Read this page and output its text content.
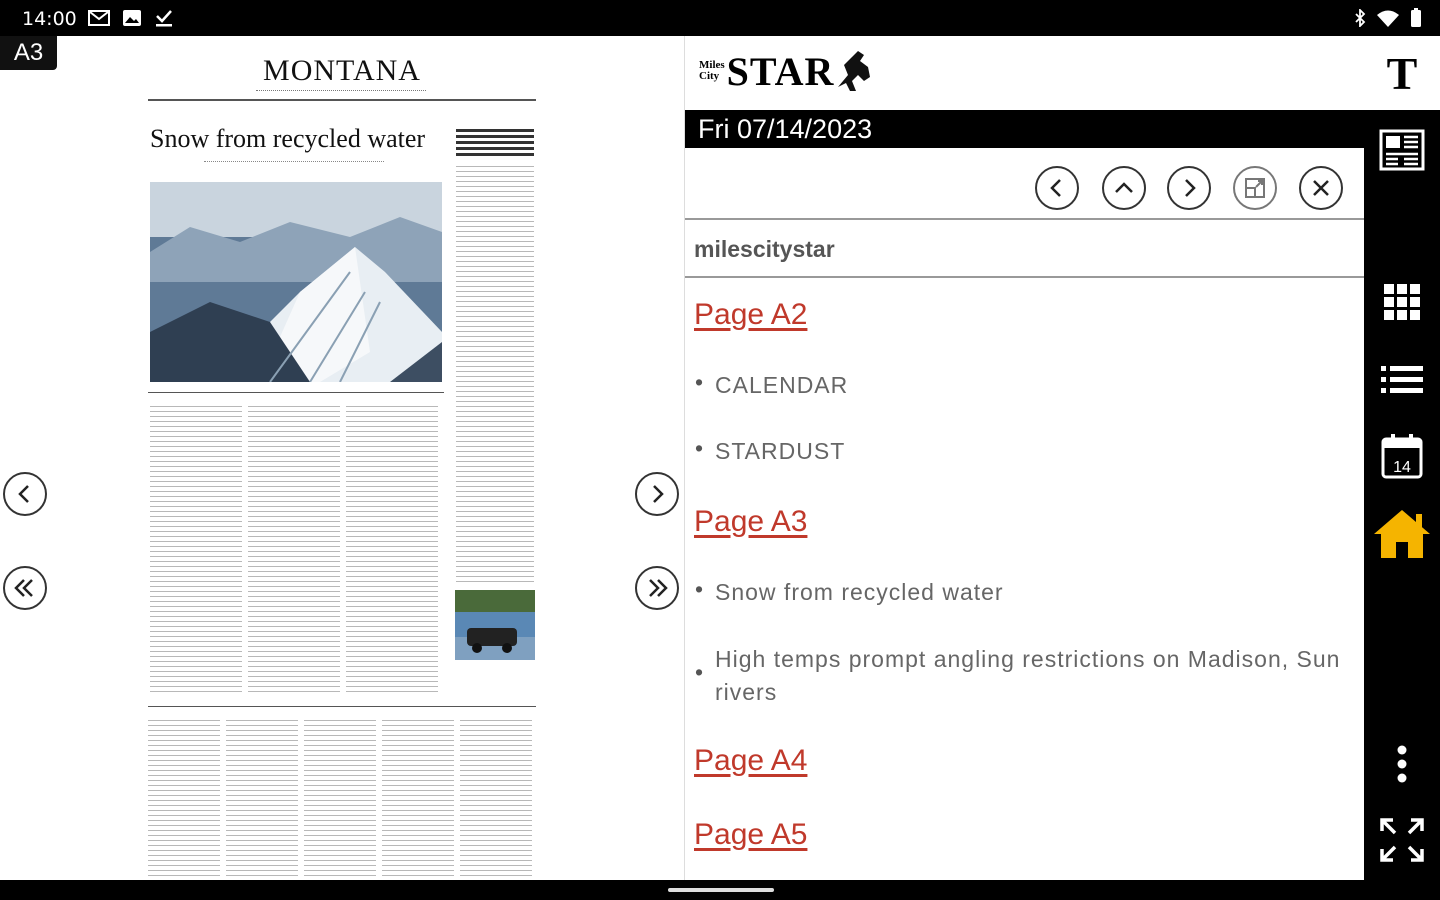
14:00
A3
MONTANA
Snow from recycled water
Miles
City STAR
Fri 07/14/2023
milescitystar
Page A2
• CALENDAR
• STARDUST
Page A3
• Snow from recycled water
• High temps prompt angling restrictions on Madison, Sun rivers
Page A4
Page A5
T
14
